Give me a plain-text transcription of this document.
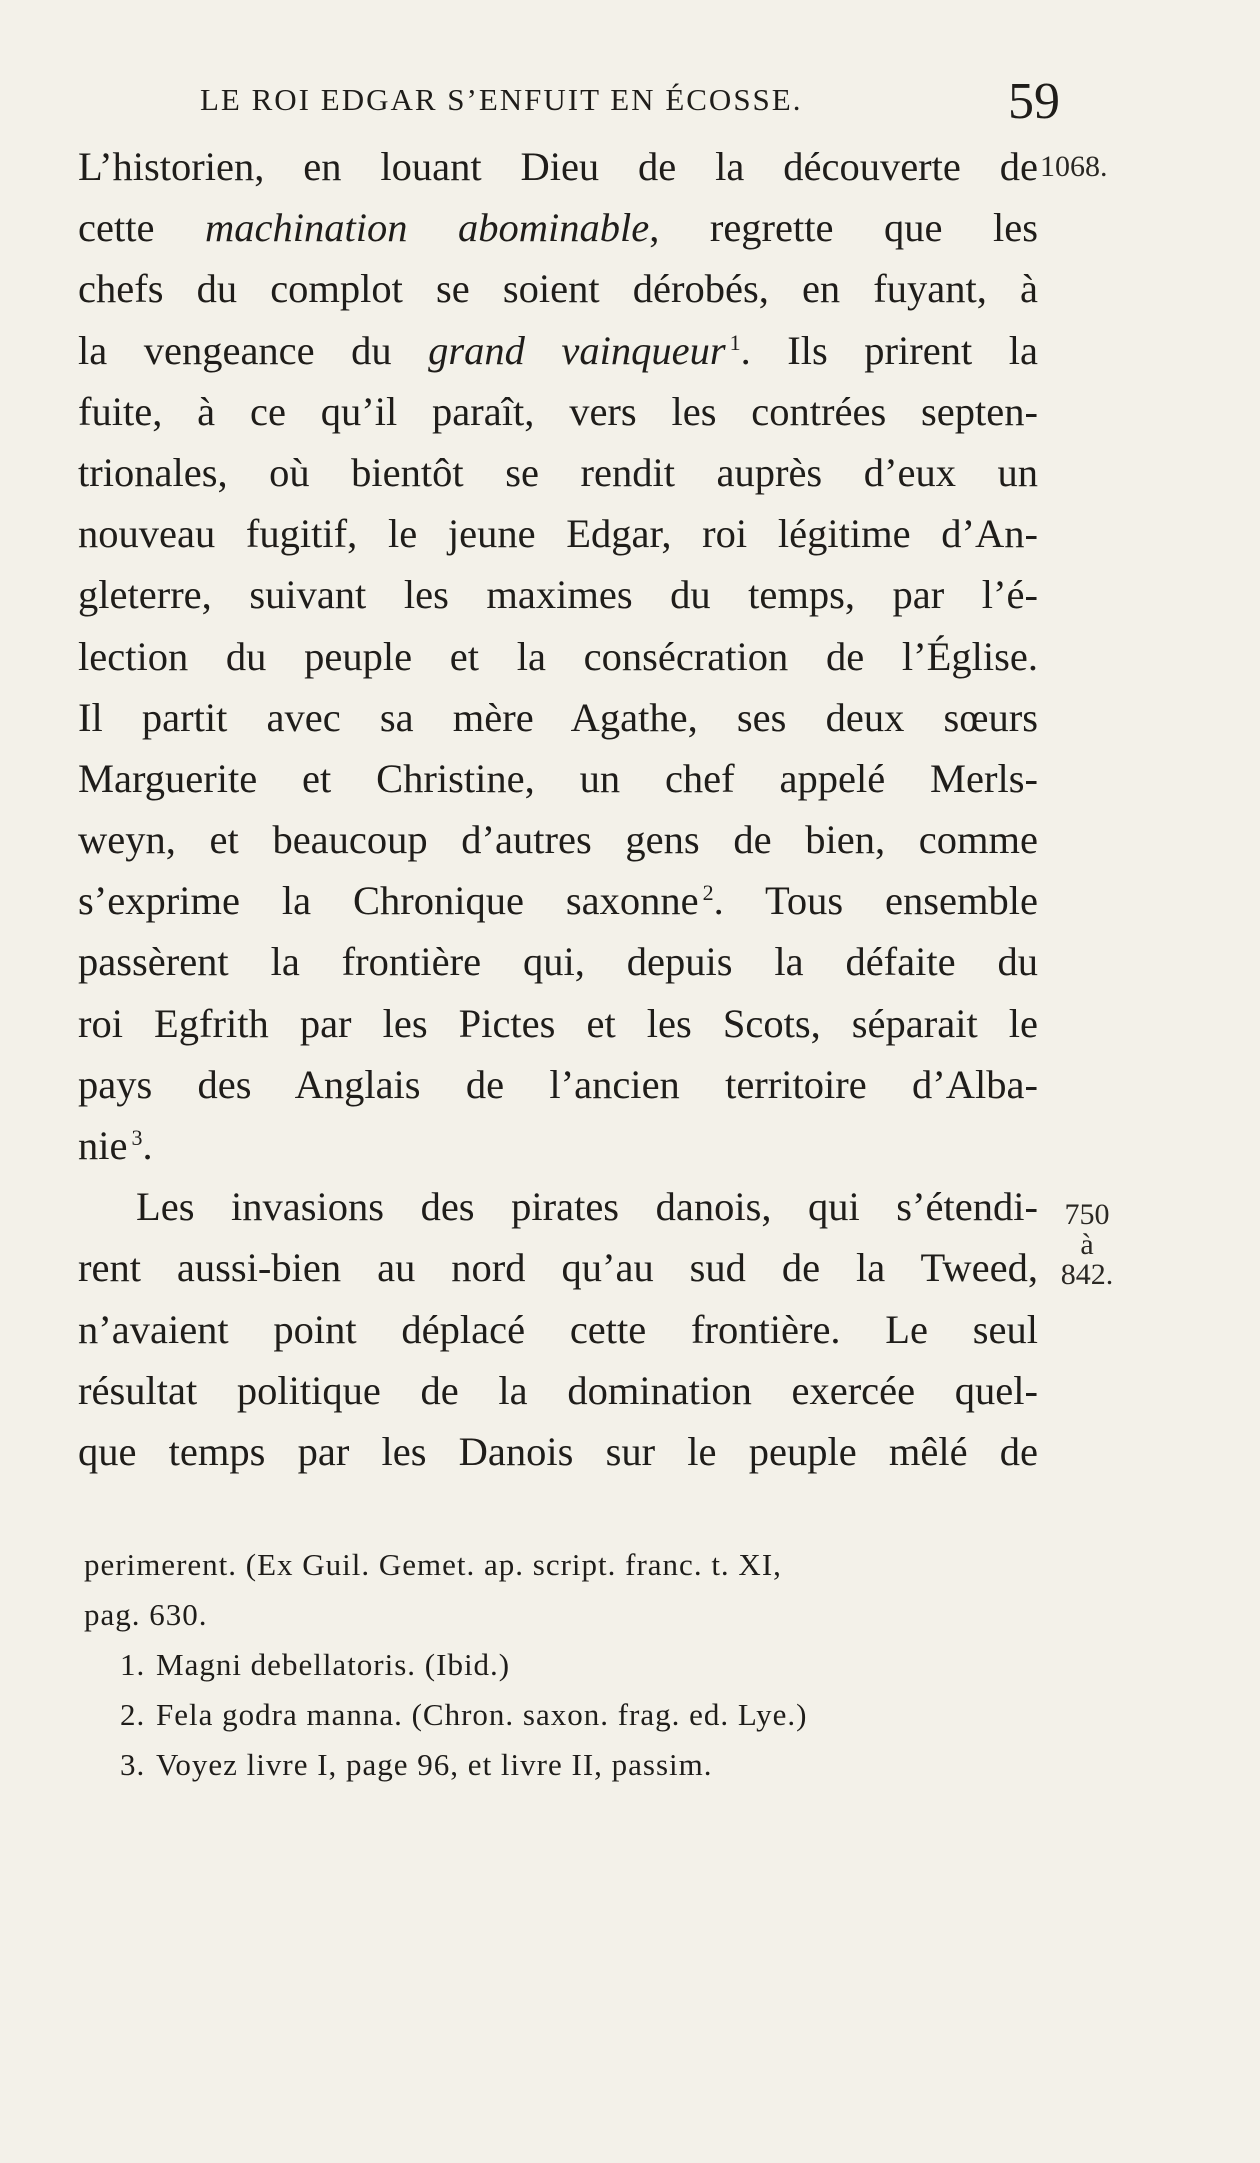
LE ROI EDGAR S’ENFUIT EN ÉCOSSE.	59
1068.
750
à
842.
L’historien, en louant Dieu de la découverte de
cette machination abominable, regrette que les
chefs du complot se soient dérobés, en fuyant, à
la vengeance du grand vainqueur $^1$. Ils prirent la
fuite, à ce qu’il paraît, vers les contrées septen-
trionales, où bientôt se rendit auprès d’eux un
nouveau fugitif, le jeune Edgar, roi légitime d’An-
gleterre, suivant les maximes du temps, par l’é-
lection du peuple et la consécration de l’Église.
Il partit avec sa mère Agathe, ses deux sœurs
Marguerite et Christine, un chef appelé Merls-
weyn, et beaucoup d’autres gens de bien, comme
s’exprime la Chronique saxonne $^2$. Tous ensemble
passèrent la frontière qui, depuis la défaite du
roi Egfrith par les Pictes et les Scots, séparait le
pays des Anglais de l’ancien territoire d’Alba-
nie $^3$.
Les invasions des pirates danois, qui s’étendi-
rent aussi-bien au nord qu’au sud de la Tweed,
n’avaient point déplacé cette frontière. Le seul
résultat politique de la domination exercée quel-
que temps par les Danois sur le peuple mêlé de
perimerent. (Ex Guil. Gemet. ap. script. franc. t. XI,
pag. 630.
1. Magni debellatoris. (Ibid.)
2. Fela godra manna. (Chron. saxon. frag. ed. Lye.)
3. Voyez livre I, page 96, et livre II, passim.
